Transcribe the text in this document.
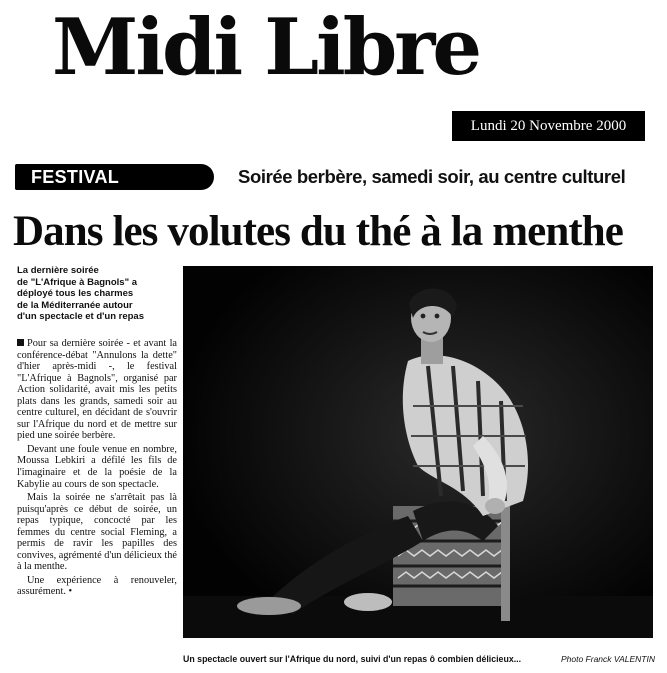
Midi Libre
Lundi 20 Novembre 2000
FESTIVAL	Soirée berbère, samedi soir, au centre culturel
Dans les volutes du thé à la menthe
La dernière soirée
de "L'Afrique à Bagnols" a
déployé tous les charmes
de la Méditerranée autour
d'un spectacle et d'un repas

Pour sa dernière soirée - et avant la conférence-débat "Annulons la dette" d'hier après-midi -, le festival "L'Afrique à Bagnols", organisé par Action solidarité, avait mis les petits plats dans les grands, samedi soir au centre culturel, en décidant de s'ouvrir sur l'Afrique du nord et de mettre sur pied une soirée berbère.

Devant une foule venue en nombre, Moussa Lebkiri a défilé les fils de l'imaginaire et de la poésie de la Kabylie au cours de son spectacle.

Mais la soirée ne s'arrêtait pas là puisqu'après ce début de soirée, un repas typique, concocté par les femmes du centre social Fleming, a permis de ravir les papilles des convives, agrémenté d'un délicieux thé à la menthe.

Une expérience à renouveler, assurément. •

Un spectacle ouvert sur l'Afrique du nord, suivi d'un repas ô combien délicieux...	Photo Franck VALENTIN
